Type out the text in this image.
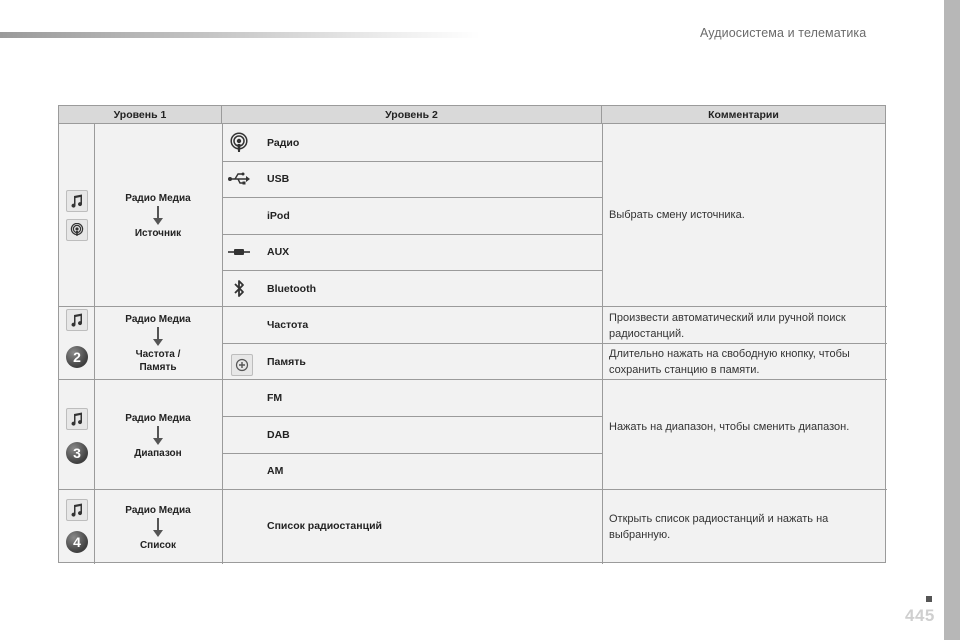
Аудиосистема и телематика
Уровень 1	Уровень 2	Комментарии
Радио Медиа
Источник
Радио
USB
iPod
AUX
Bluetooth
Выбрать смену источника.
2
Радио Медиа
Частота /
Память
Частота
Память
Произвести автоматический или ручной поиск радиостанций.
Длительно нажать на свободную кнопку, чтобы сохранить станцию в памяти.
3
Радио Медиа
Диапазон
FM
DAB
AM
Нажать на диапазон, чтобы сменить диапазон.
4
Радио Медиа
Список
Список радиостанций
Открыть список радиостанций и нажать на выбранную.
445
